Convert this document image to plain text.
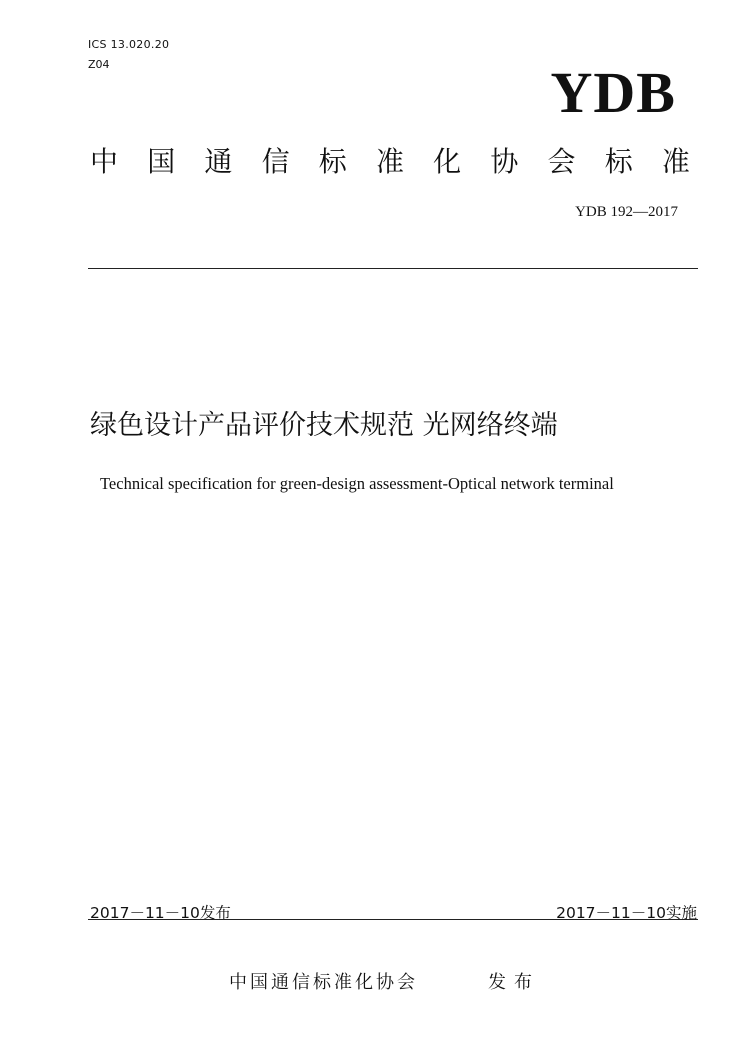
ICS 13.020.20
Z04	YDB
中 国 通 信 标 准 化 协 会 标 准
YDB 192—2017
绿色设计产品评价技术规范 光网络终端
Technical specification for green-design assessment-Optical network terminal
2017－11－10发布	2017－11－10实施
中国通信标准化协会	发布
